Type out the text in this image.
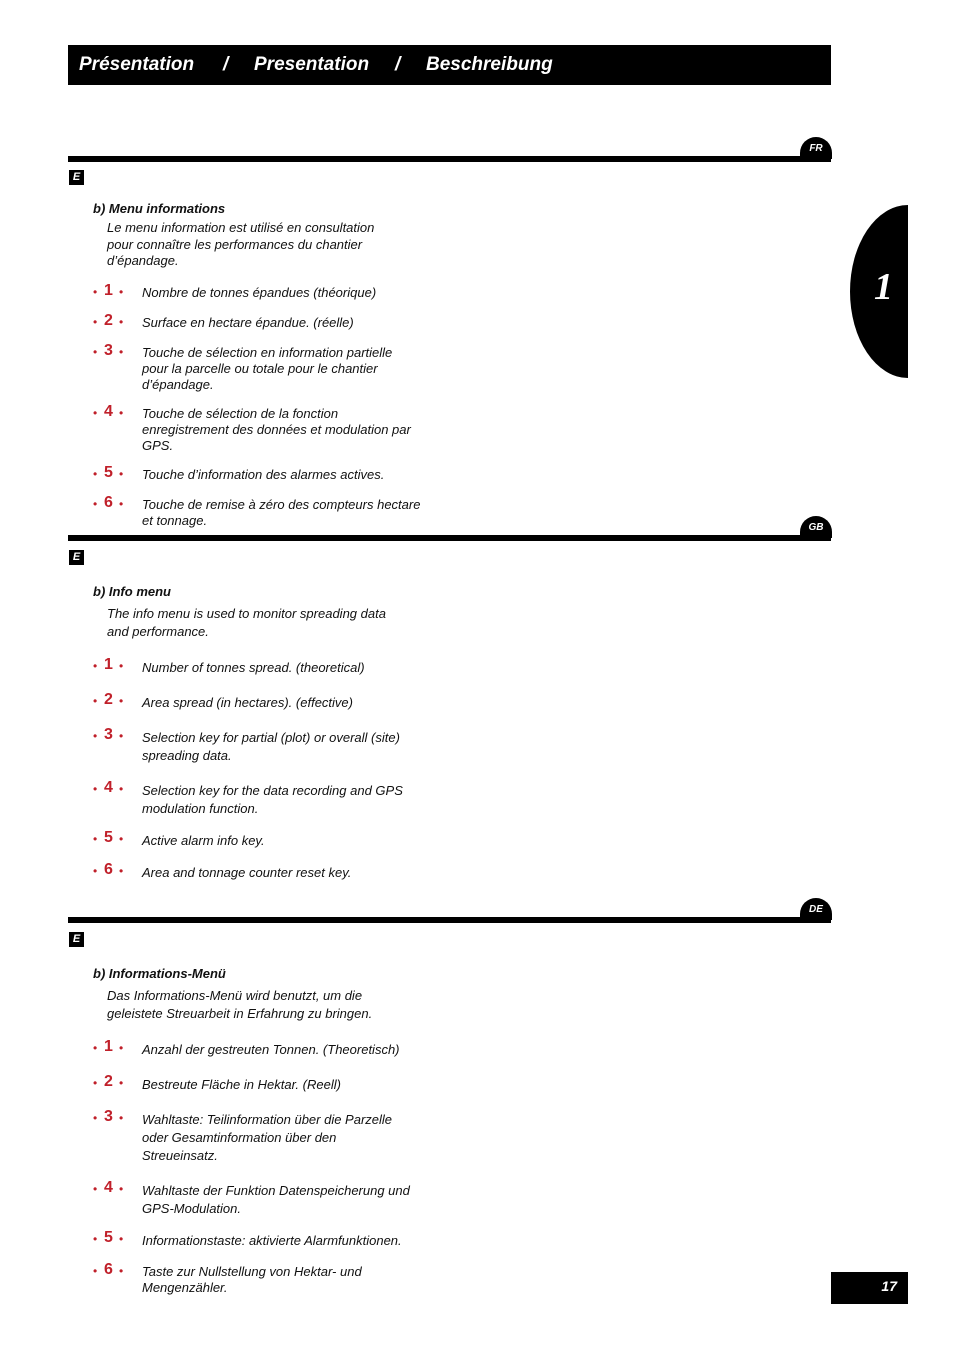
Présentation / Presentation / Beschreibung
1
FR
E
b) Menu informations
Le menu information est utilisé en consultation pour connaître les performances du chantier d’épandage.
• 1 • Nombre de tonnes épandues (théorique)
• 2 • Surface en hectare épandue. (réelle)
• 3 • Touche de sélection en information partielle pour la parcelle ou totale pour le chantier d’épandage.
• 4 • Touche de sélection de la fonction enregistrement des données et modulation par GPS.
• 5 • Touche d’information des alarmes actives.
• 6 • Touche de remise à zéro des compteurs hectare et tonnage.	GB
E
b) Info menu
The info menu is used to monitor spreading data and performance.
• 1 • Number of tonnes spread. (theoretical)
• 2 • Area spread (in hectares). (effective)
• 3 • Selection key for partial (plot) or overall (site) spreading data.
• 4 • Selection key for the data recording and GPS modulation function.
• 5 • Active alarm info key.
• 6 • Area and tonnage counter reset key.
DE
E
b) Informations-Menü
Das Informations-Menü wird benutzt, um die geleistete Streuarbeit in Erfahrung zu bringen.
• 1 • Anzahl der gestreuten Tonnen. (Theoretisch)
• 2 • Bestreute Fläche in Hektar. (Reell)
• 3 • Wahltaste: Teilinformation über die Parzelle oder Gesamtinformation über den Streueinsatz.
• 4 • Wahltaste der Funktion Datenspeicherung und GPS-Modulation.
• 5 • Informationstaste: aktivierte Alarmfunktionen.
• 6 • Taste zur Nullstellung von Hektar- und Mengenzähler.	17
